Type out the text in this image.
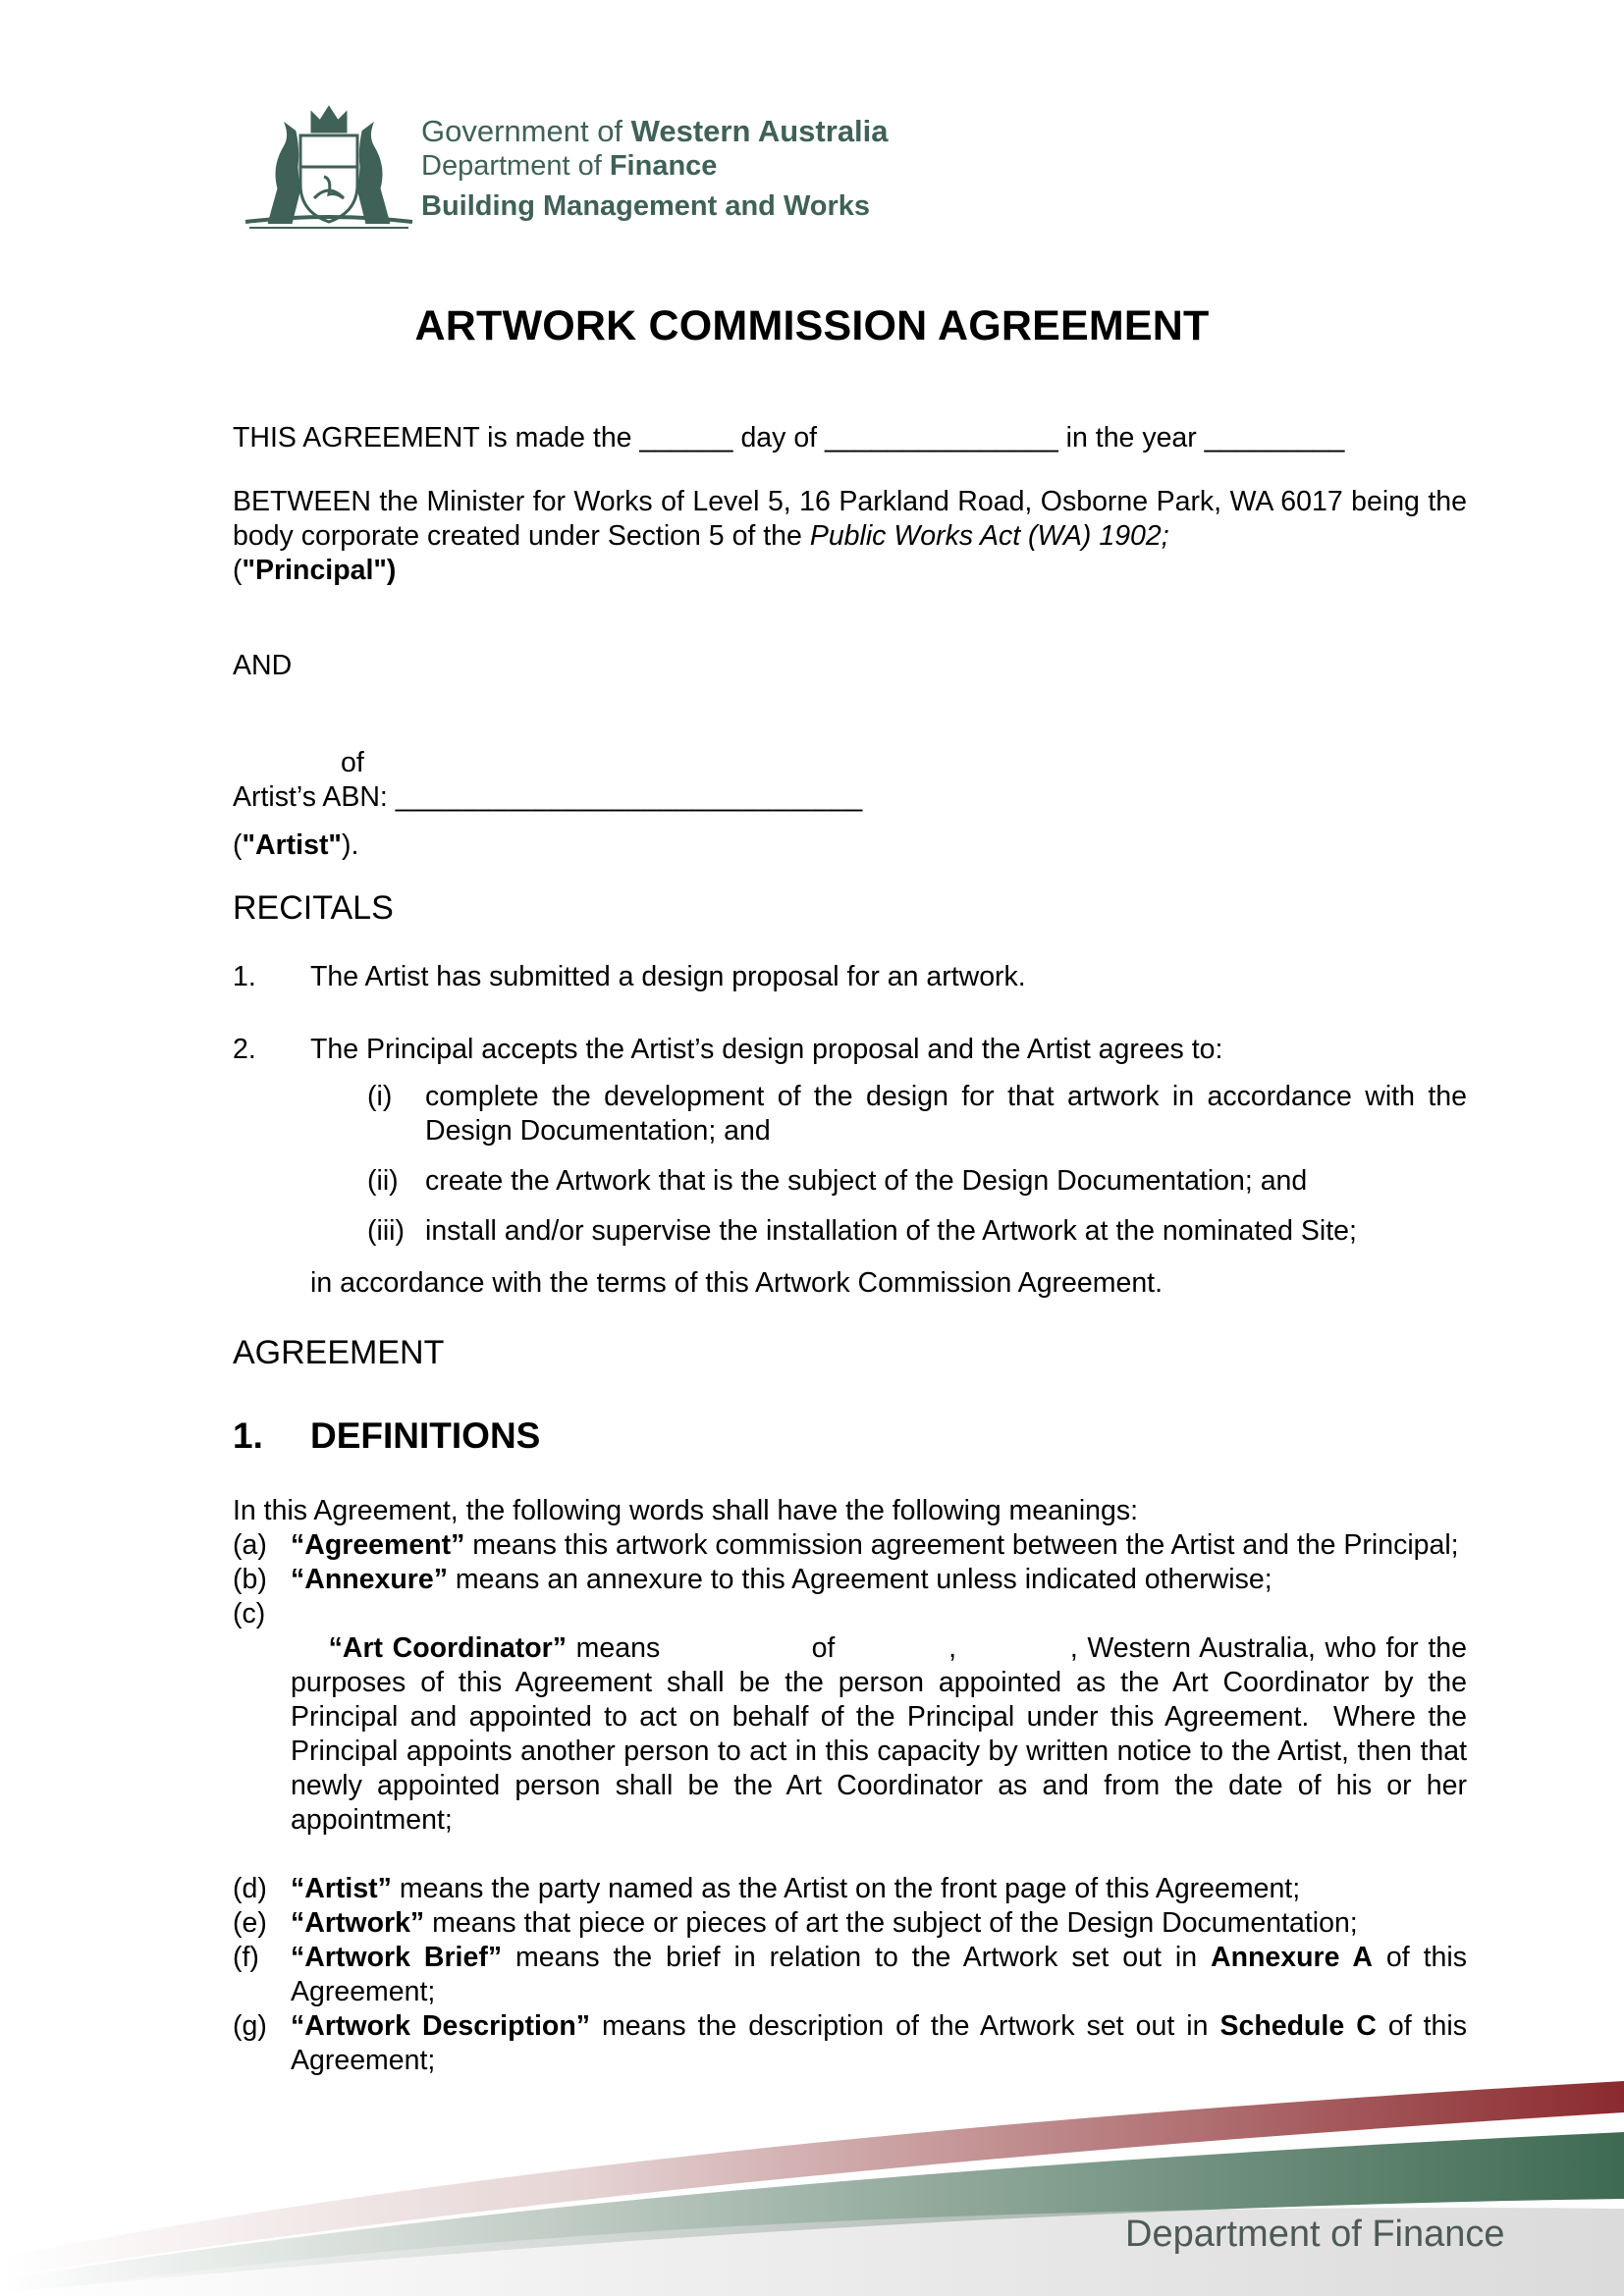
Government of Western Australia
Department of Finance
Building Management and Works
ARTWORK COMMISSION AGREEMENT

THIS AGREEMENT is made the ______ day of _______________ in the year _________

BETWEEN the Minister for Works of Level 5, 16 Parkland Road, Osborne Park, WA 6017 being the body corporate created under Section 5 of the Public Works Act (WA) 1902;

("Principal")

AND

of

Artist’s ABN: ______________________________

("Artist").

RECITALS
1. The Artist has submitted a design proposal for an artwork.
2. The Principal accepts the Artist’s design proposal and the Artist agrees to:
(i) complete the development of the design for that artwork in accordance with the Design Documentation; and
(ii) create the Artwork that is the subject of the Design Documentation; and
(iii) install and/or supervise the installation of the Artwork at the nominated Site;
in accordance with the terms of this Artwork Commission Agreement.
AGREEMENT
1. DEFINITIONS

In this Agreement, the following words shall have the following meanings:

(a) “Agreement” means this artwork commission agreement between the Artist and the Principal;
(b) “Annexure” means an annexure to this Agreement unless indicated otherwise;

(c)
“Art Coordinator” means                of            ,            , Western Australia, who for the purposes of this Agreement shall be the person appointed as the Art Coordinator by the Principal and appointed to act on behalf of the Principal under this Agreement.  Where the Principal appoints another person to act in this capacity by written notice to the Artist, then that newly appointed person shall be the Art Coordinator as and from the date of his or her appointment;

(d) “Artist” means the party named as the Artist on the front page of this Agreement;
(e) “Artwork” means that piece or pieces of art the subject of the Design Documentation;
(f) “Artwork Brief” means the brief in relation to the Artwork set out in Annexure A of this Agreement;
(g) “Artwork Description” means the description of the Artwork set out in Schedule C of this Agreement;
Department of Finance
